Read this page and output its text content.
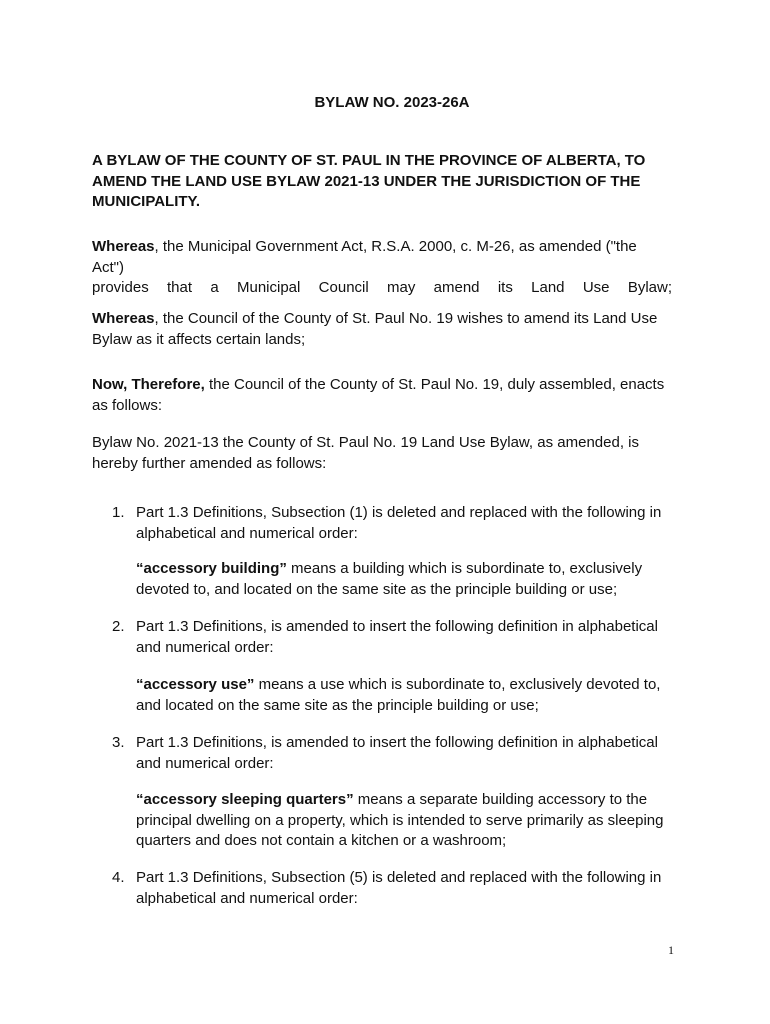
BYLAW NO. 2023-26A

A BYLAW OF THE COUNTY OF ST. PAUL IN THE PROVINCE OF ALBERTA, TO AMEND THE LAND USE BYLAW 2021-13 UNDER THE JURISDICTION OF THE MUNICIPALITY.

Whereas, the Municipal Government Act, R.S.A. 2000, c. M-26, as amended ("the Act")
provides that a Municipal Council may amend its Land Use Bylaw;

Whereas, the Council of the County of St. Paul No. 19 wishes to amend its Land Use Bylaw as it affects certain lands;

Now, Therefore, the Council of the County of St. Paul No. 19, duly assembled, enacts as follows:

Bylaw No. 2021-13 the County of St. Paul No. 19 Land Use Bylaw, as amended, is hereby further amended as follows:

1. Part 1.3 Definitions, Subsection (1) is deleted and replaced with the following in alphabetical and numerical order:

“accessory building” means a building which is subordinate to, exclusively devoted to, and located on the same site as the principle building or use;

2. Part 1.3 Definitions, is amended to insert the following definition in alphabetical and numerical order:

“accessory use” means a use which is subordinate to, exclusively devoted to, and located on the same site as the principle building or use;

3. Part 1.3 Definitions, is amended to insert the following definition in alphabetical and numerical order:

“accessory sleeping quarters” means a separate building accessory to the principal dwelling on a property, which is intended to serve primarily as sleeping quarters and does not contain a kitchen or a washroom;

4. Part 1.3 Definitions, Subsection (5) is deleted and replaced with the following in alphabetical and numerical order:
1
